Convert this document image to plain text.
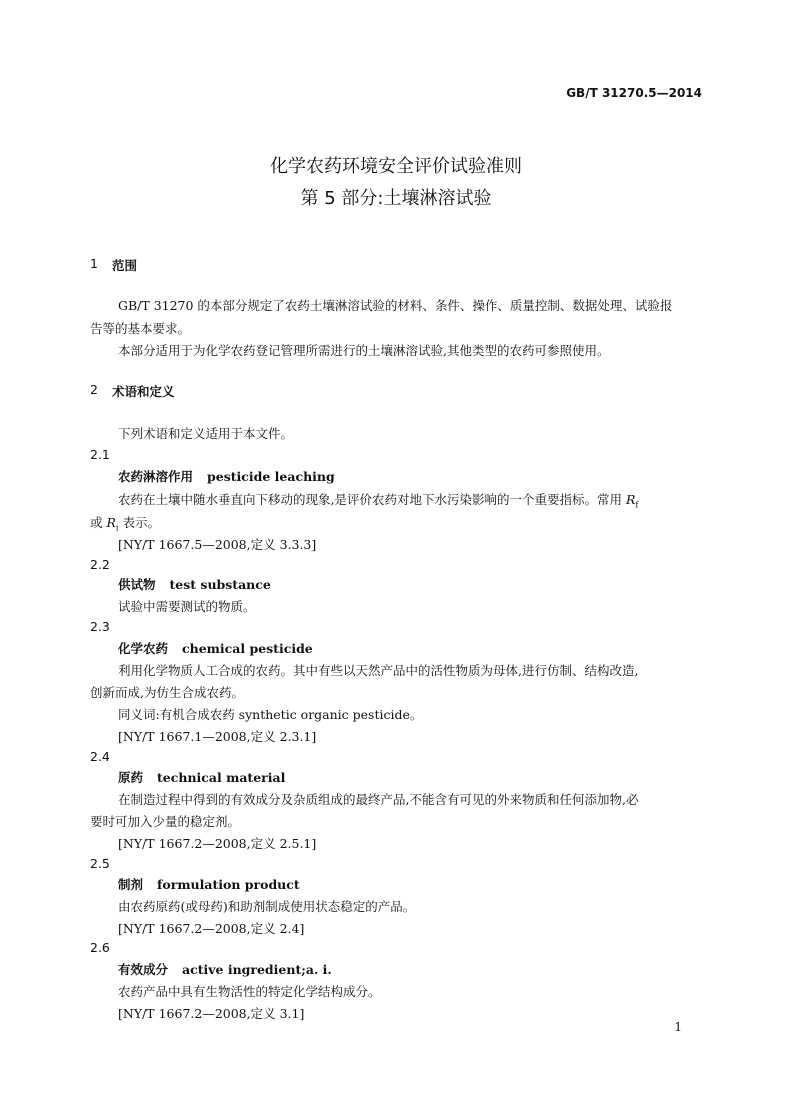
GB/T 31270.5—2014
化学农药环境安全评价试验准则
第 5 部分:土壤淋溶试验
1 范围
GB/T 31270 的本部分规定了农药土壤淋溶试验的材料、条件、操作、质量控制、数据处理、试验报
告等的基本要求。
本部分适用于为化学农药登记管理所需进行的土壤淋溶试验,其他类型的农药可参照使用。
2 术语和定义
下列术语和定义适用于本文件。
2.1
农药淋溶作用 pesticide leaching
农药在土壤中随水垂直向下移动的现象,是评价农药对地下水污染影响的一个重要指标。常用 $R_f$
或 $R_i$ 表示。
[NY/T 1667.5—2008,定义 3.3.3]
2.2
供试物 test substance
试验中需要测试的物质。
2.3
化学农药 chemical pesticide
利用化学物质人工合成的农药。其中有些以天然产品中的活性物质为母体,进行仿制、结构改造,
创新而成,为仿生合成农药。
同义词:有机合成农药 synthetic organic pesticide。
[NY/T 1667.1—2008,定义 2.3.1]
2.4
原药 technical material
在制造过程中得到的有效成分及杂质组成的最终产品,不能含有可见的外来物质和任何添加物,必
要时可加入少量的稳定剂。
[NY/T 1667.2—2008,定义 2.5.1]
2.5
制剂 formulation product
由农药原药(或母药)和助剂制成使用状态稳定的产品。
[NY/T 1667.2—2008,定义 2.4]
2.6
有效成分 active ingredient;a. i.
农药产品中具有生物活性的特定化学结构成分。
[NY/T 1667.2—2008,定义 3.1]
1
